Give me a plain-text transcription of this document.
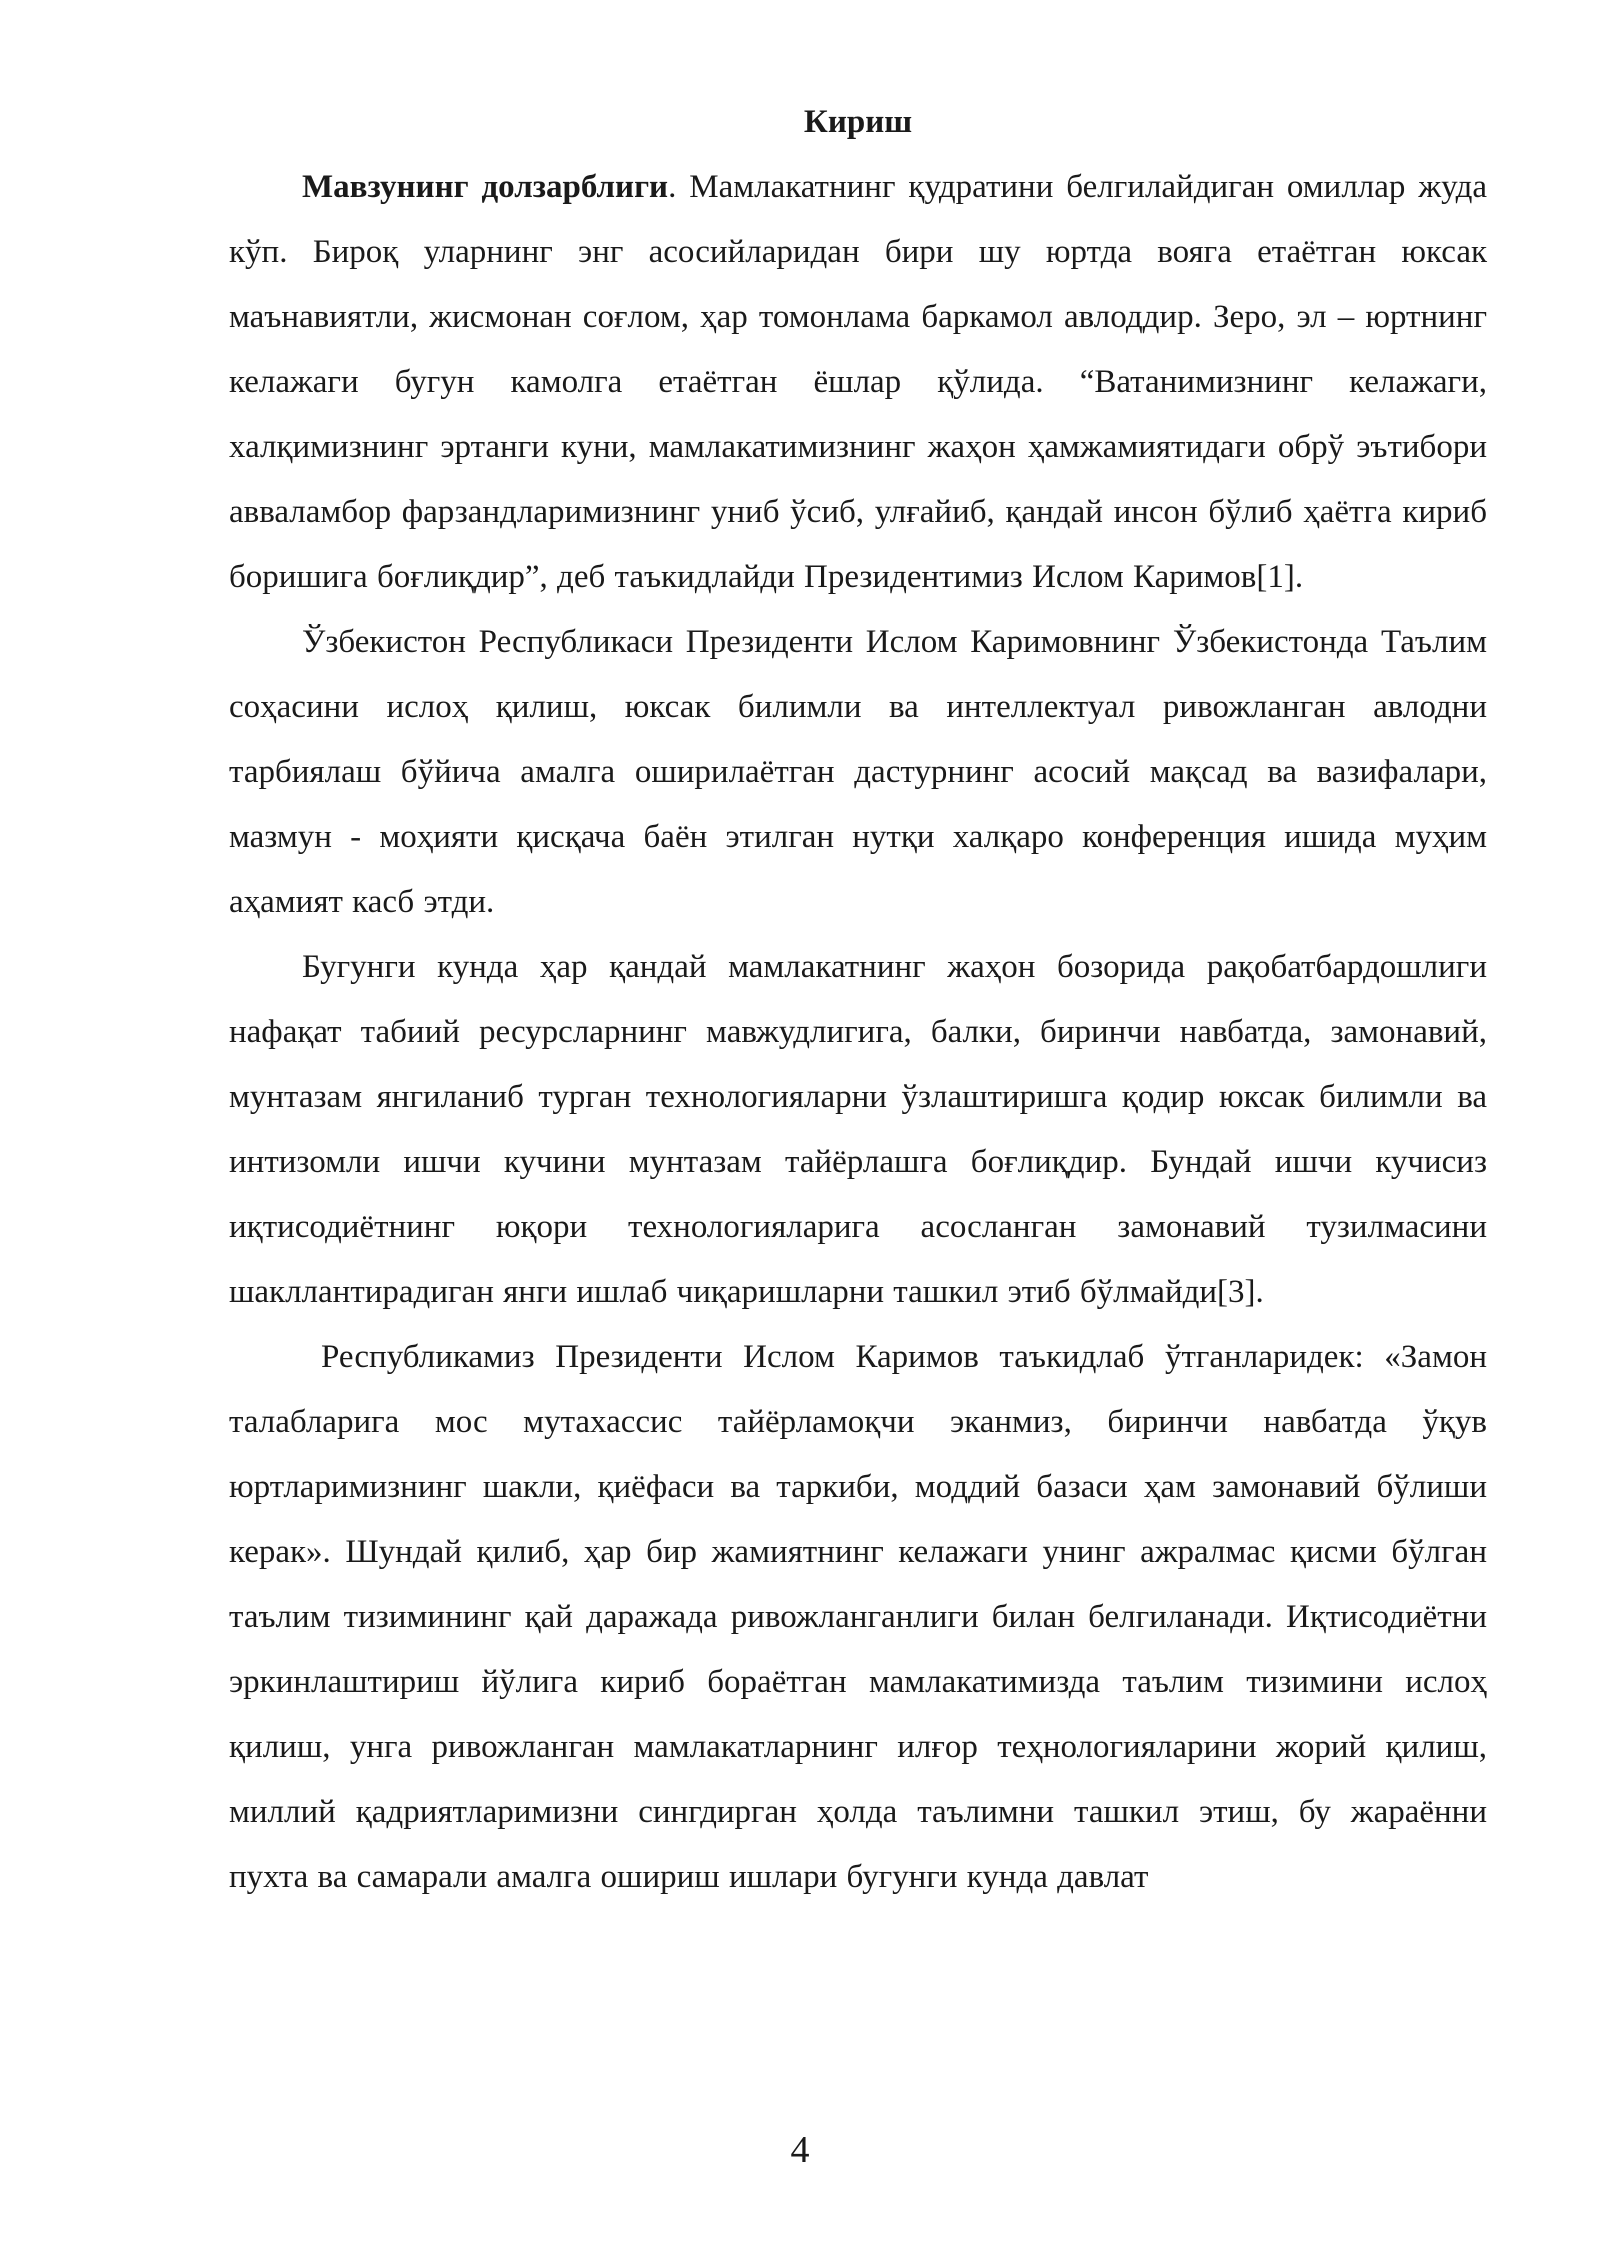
Кириш

Мавзунинг долзарблиги. Мамлакатнинг қудратини белгилайдиган омиллар жуда кўп. Бироқ уларнинг энг асосийларидан бири шу юртда вояга етаётган юксак маънавиятли, жисмонан соғлом, ҳар томонлама баркамол авлоддир. Зеро, эл – юртнинг келажаги бугун камолга етаётган ёшлар қўлида. “Ватанимизнинг келажаги, халқимизнинг эртанги куни, мамлакатимизнинг жаҳон ҳамжамиятидаги обрў эътибори авваламбор фарзандларимизнинг униб ўсиб, улғайиб, қандай инсон бўлиб ҳаётга кириб боришига боғлиқдир”, деб таъкидлайди Президентимиз Ислом Каримов[1].

Ўзбекистон Республикаси Президенти Ислом Каримовнинг Ўзбекистонда Таълим соҳасини ислоҳ қилиш, юксак билимли ва интеллектуал ривожланган авлодни тарбиялаш бўйича амалга оширилаётган дастурнинг асосий мақсад ва вазифалари, мазмун - моҳияти қисқача баён этилган нутқи халқаро конференция ишида муҳим аҳамият касб этди.

Бугунги кунда ҳар қандай мамлакатнинг жаҳон бозорида рақобатбардошлиги нафақат табиий ресурсларнинг мавжудлигига, балки, биринчи навбатда, замонавий, мунтазам янгиланиб турган технологияларни ўзлаштиришга қодир юксак билимли ва интизомли ишчи кучини мунтазам тайёрлашга боғлиқдир. Бундай ишчи кучисиз иқтисодиётнинг юқори технологияларига асосланган замонавий тузилмасини шакллантирадиган янги ишлаб чиқаришларни ташкил этиб бўлмайди[3].

Республикамиз Президенти Ислом Каримов таъкидлаб ўтганларидек: «Замон талабларига мос мутахассис тайёрламоқчи эканмиз, биринчи навбатда ўқув юртларимизнинг шакли, қиёфаси ва таркиби, моддий базаси ҳам замонавий бўлиши керак». Шундай қилиб, ҳар бир жамиятнинг келажаги унинг ажралмас қисми бўлган таълим тизимининг қай даражада ривожланганлиги билан белгиланади. Иқтисодиётни эркинлаштириш йўлига кириб бораётган мамлакатимизда таълим тизимини ислоҳ қилиш, унга ривожланган мамлакатларнинг илғор теҳнологияларини жорий қилиш, миллий қадриятларимизни сингдирган ҳолда таълимни ташкил этиш, бу жараённи пухта ва самарали амалга ошириш ишлари бугунги кунда давлат

4
